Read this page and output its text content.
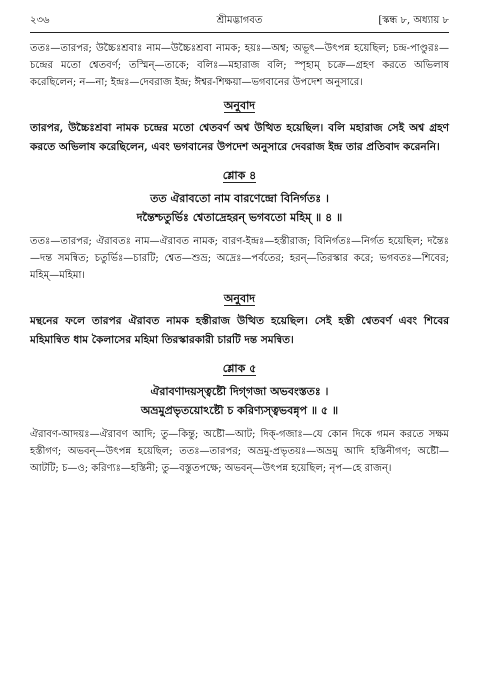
২৩৬	শ্রীমদ্ভাগবত	[স্কন্ধ ৮, অধ্যায় ৮

ততঃ—তারপর; উচ্চৈঃশ্রবাঃ নাম—উচ্চৈঃশ্রবা নামক; হয়ঃ—অশ্ব; অভূৎ—উৎপন্ন হয়েছিল; চন্দ্র-পাণ্ডুরঃ—চন্দ্রের মতো শ্বেতবর্ণ; তস্মিন্—তাকে; বলিঃ—মহারাজ বলি; স্পৃহাম্ চক্রে—গ্রহণ করতে অভিলাষ করেছিলেন; ন—না; ইন্দ্রঃ—দেবরাজ ইন্দ্র; ঈশ্বর-শিক্ষয়া—ভগবানের উপদেশ অনুসারে।

অনুবাদ

তারপর, উচ্চৈঃশ্রবা নামক চন্দ্রের মতো শ্বেতবর্ণ অশ্ব উত্থিত হয়েছিল। বলি মহারাজ সেই অশ্ব গ্রহণ করতে অভিলাষ করেছিলেন, এবং ভগবানের উপদেশ অনুসারে দেবরাজ ইন্দ্র তার প্রতিবাদ করেননি।

শ্লোক ৪

তত ঐরাবতো নাম বারণেন্দ্রো বিনির্গতঃ ।

দন্তৈশ্চতুর্ভিঃ শ্বেতাদ্রেহরন্ ভগবতো মহিম্ ॥ ৪ ॥

ততঃ—তারপর; ঐরাবতঃ নাম—ঐরাবত নামক; বারণ-ইন্দ্রঃ—হস্তীরাজ; বিনির্গতঃ—নির্গত হয়েছিল; দন্তৈঃ—দন্ত সমন্বিত; চতুর্ভিঃ—চারটি; শ্বেত—শুভ্র; অদ্রেঃ—পর্বতের; হরন্—তিরস্কার করে; ভগবতঃ—শিবের; মহিম্—মহিমা।

অনুবাদ

মন্থনের ফলে তারপর ঐরাবত নামক হস্তীরাজ উত্থিত হয়েছিল। সেই হস্তী শ্বেতবর্ণ এবং শিবের মহিমান্বিত ধাম কৈলাসের মহিমা তিরস্কারকারী চারটি দন্ত সমন্বিত।

শ্লোক ৫

ঐরাবণাদয়স্ত্বষ্টৌ দিগ্‌গজা অভবংস্ততঃ ।

অভ্রমুপ্রভৃতয়োঽষ্টৌ চ করিণ্যস্ত্বভবন্নৃপ ॥ ৫ ॥

ঐরাবণ-আদয়ঃ—ঐরাবণ আদি; তু—কিন্তু; অষ্টৌ—আট; দিক্-গজাঃ—যে কোন দিকে গমন করতে সক্ষম হস্তীগণ; অভবন্—উৎপন্ন হয়েছিল; ততঃ—তারপর; অভ্রমু-প্রভৃতয়ঃ—অভ্রমু আদি হস্তিনীগণ; অষ্টৌ—আটটি; চ—ও; করিণ্যঃ—হস্তিনী; তু—বস্তুতপক্ষে; অভবন্—উৎপন্ন হয়েছিল; নৃপ—হে রাজন্।
